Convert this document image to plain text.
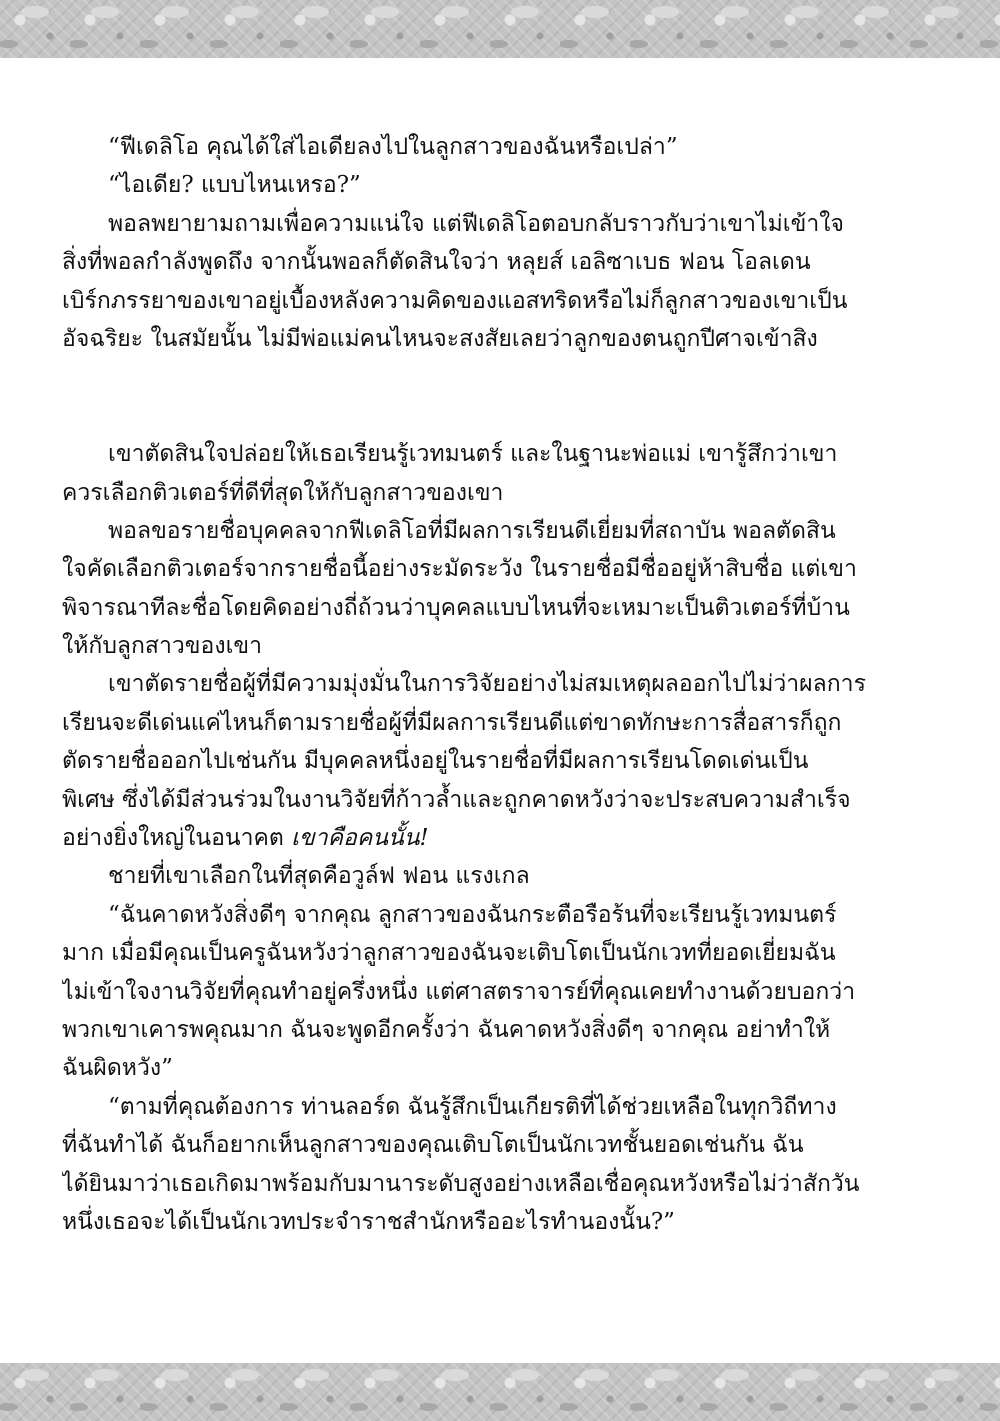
“ฟีเดลิโอ คุณได้ใส่ไอเดียลงไปในลูกสาวของฉันหรือเปล่า”
“ไอเดีย? แบบไหนเหรอ?”
พอลพยายามถามเพื่อความแน่ใจ แต่ฟีเดลิโอตอบกลับราวกับว่าเขาไม่เข้าใจ
สิ่งที่พอลกำลังพูดถึง จากนั้นพอลก็ตัดสินใจว่า หลุยส์ เอลิซาเบธ ฟอน โอลเดน
เบิร์กภรรยาของเขาอยู่เบื้องหลังความคิดของแอสทริดหรือไม่ก็ลูกสาวของเขาเป็น
อัจฉริยะ ในสมัยนั้น ไม่มีพ่อแม่คนไหนจะสงสัยเลยว่าลูกของตนถูกปีศาจเข้าสิง
เขาตัดสินใจปล่อยให้เธอเรียนรู้เวทมนตร์ และในฐานะพ่อแม่ เขารู้สึกว่าเขา
ควรเลือกติวเตอร์ที่ดีที่สุดให้กับลูกสาวของเขา
พอลขอรายชื่อบุคคลจากฟีเดลิโอที่มีผลการเรียนดีเยี่ยมที่สถาบัน พอลตัดสิน
ใจคัดเลือกติวเตอร์จากรายชื่อนี้อย่างระมัดระวัง ในรายชื่อมีชื่ออยู่ห้าสิบชื่อ แต่เขา
พิจารณาทีละชื่อโดยคิดอย่างถี่ถ้วนว่าบุคคลแบบไหนที่จะเหมาะเป็นติวเตอร์ที่บ้าน
ให้กับลูกสาวของเขา
เขาตัดรายชื่อผู้ที่มีความมุ่งมั่นในการวิจัยอย่างไม่สมเหตุผลออกไปไม่ว่าผลการ
เรียนจะดีเด่นแค่ไหนก็ตามรายชื่อผู้ที่มีผลการเรียนดีแต่ขาดทักษะการสื่อสารก็ถูก
ตัดรายชื่อออกไปเช่นกัน มีบุคคลหนึ่งอยู่ในรายชื่อที่มีผลการเรียนโดดเด่นเป็น
พิเศษ ซึ่งได้มีส่วนร่วมในงานวิจัยที่ก้าวล้ำและถูกคาดหวังว่าจะประสบความสำเร็จ
อย่างยิ่งใหญ่ในอนาคต เขาคือคนนั้น!
ชายที่เขาเลือกในที่สุดคือวูล์ฟ ฟอน แรงเกล
“ฉันคาดหวังสิ่งดีๆ จากคุณ ลูกสาวของฉันกระตือรือร้นที่จะเรียนรู้เวทมนตร์
มาก เมื่อมีคุณเป็นครูฉันหวังว่าลูกสาวของฉันจะเติบโตเป็นนักเวทที่ยอดเยี่ยมฉัน
ไม่เข้าใจงานวิจัยที่คุณทำอยู่ครึ่งหนึ่ง แต่ศาสตราจารย์ที่คุณเคยทำงานด้วยบอกว่า
พวกเขาเคารพคุณมาก ฉันจะพูดอีกครั้งว่า ฉันคาดหวังสิ่งดีๆ จากคุณ อย่าทำให้
ฉันผิดหวัง”
“ตามที่คุณต้องการ ท่านลอร์ด ฉันรู้สึกเป็นเกียรติที่ได้ช่วยเหลือในทุกวิถีทาง
ที่ฉันทำได้ ฉันก็อยากเห็นลูกสาวของคุณเติบโตเป็นนักเวทชั้นยอดเช่นกัน ฉัน
ได้ยินมาว่าเธอเกิดมาพร้อมกับมานาระดับสูงอย่างเหลือเชื่อคุณหวังหรือไม่ว่าสักวัน
หนึ่งเธอจะได้เป็นนักเวทประจำราชสำนักหรืออะไรทำนองนั้น?”
